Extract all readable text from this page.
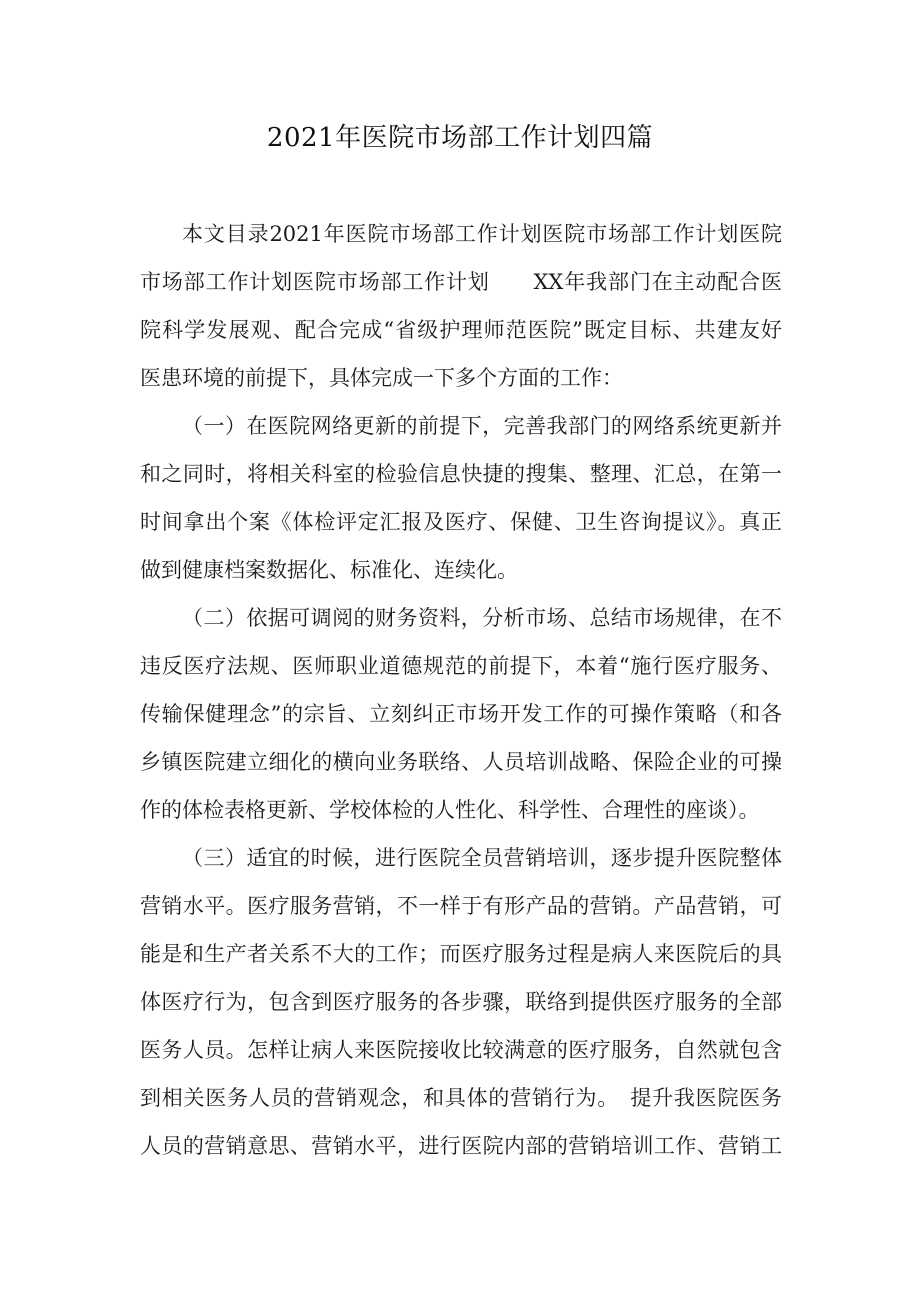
2021年医院市场部工作计划四篇
本文目录2021年医院市场部工作计划医院市场部工作计划医院
市场部工作计划医院市场部工作计划　　XX年我部门在主动配合医
院科学发展观、配合完成“省级护理师范医院”既定目标、共建友好
医患环境的前提下，具体完成一下多个方面的工作：
（一）在医院网络更新的前提下，完善我部门的网络系统更新并
和之同时，将相关科室的检验信息快捷的搜集、整理、汇总，在第一
时间拿出个案《体检评定汇报及医疗、保健、卫生咨询提议》。真正
做到健康档案数据化、标准化、连续化。
（二）依据可调阅的财务资料，分析市场、总结市场规律，在不
违反医疗法规、医师职业道德规范的前提下，本着“施行医疗服务、
传输保健理念”的宗旨、立刻纠正市场开发工作的可操作策略（和各
乡镇医院建立细化的横向业务联络、人员培训战略、保险企业的可操
作的体检表格更新、学校体检的人性化、科学性、合理性的座谈）。
（三）适宜的时候，进行医院全员营销培训，逐步提升医院整体
营销水平。医疗服务营销，不一样于有形产品的营销。产品营销，可
能是和生产者关系不大的工作；而医疗服务过程是病人来医院后的具
体医疗行为，包含到医疗服务的各步骤，联络到提供医疗服务的全部
医务人员。怎样让病人来医院接收比较满意的医疗服务，自然就包含
到相关医务人员的营销观念，和具体的营销行为。　提升我医院医务
人员的营销意思、营销水平，进行医院内部的营销培训工作、营销工
